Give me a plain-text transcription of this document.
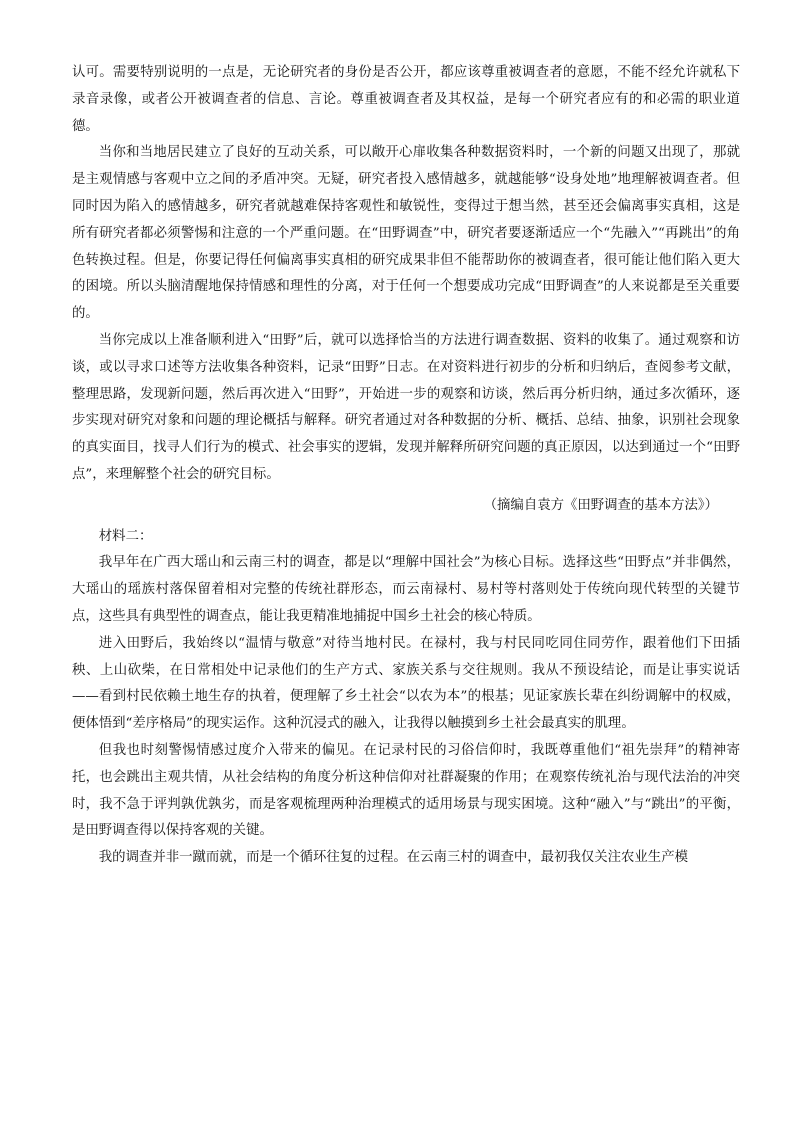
认可。需要特别说明的一点是，无论研究者的身份是否公开，都应该尊重被调查者的意愿，不能不经允许就私下录音录像，或者公开被调查者的信息、言论。尊重被调查者及其权益，是每一个研究者应有的和必需的职业道德。

当你和当地居民建立了良好的互动关系，可以敞开心扉收集各种数据资料时，一个新的问题又出现了，那就是主观情感与客观中立之间的矛盾冲突。无疑，研究者投入感情越多，就越能够“设身处地”地理解被调查者。但同时因为陷入的感情越多，研究者就越难保持客观性和敏锐性，变得过于想当然，甚至还会偏离事实真相，这是所有研究者都必须警惕和注意的一个严重问题。在“田野调查”中，研究者要逐渐适应一个“先融入”“再跳出”的角色转换过程。但是，你要记得任何偏离事实真相的研究成果非但不能帮助你的被调查者，很可能让他们陷入更大的困境。所以头脑清醒地保持情感和理性的分离，对于任何一个想要成功完成“田野调查”的人来说都是至关重要的。

当你完成以上准备顺利进入“田野”后，就可以选择恰当的方法进行调查数据、资料的收集了。通过观察和访谈，或以寻求口述等方法收集各种资料，记录“田野”日志。在对资料进行初步的分析和归纳后，查阅参考文献，整理思路，发现新问题，然后再次进入“田野”，开始进一步的观察和访谈，然后再分析归纳，通过多次循环，逐步实现对研究对象和问题的理论概括与解释。研究者通过对各种数据的分析、概括、总结、抽象，识别社会现象的真实面目，找寻人们行为的模式、社会事实的逻辑，发现并解释所研究问题的真正原因，以达到通过一个“田野点”，来理解整个社会的研究目标。

（摘编自袁方《田野调查的基本方法》）

材料二：

我早年在广西大瑶山和云南三村的调查，都是以“理解中国社会”为核心目标。选择这些“田野点”并非偶然，大瑶山的瑶族村落保留着相对完整的传统社群形态，而云南禄村、易村等村落则处于传统向现代转型的关键节点，这些具有典型性的调查点，能让我更精准地捕捉中国乡土社会的核心特质。

进入田野后，我始终以“温情与敬意”对待当地村民。在禄村，我与村民同吃同住同劳作，跟着他们下田插秧、上山砍柴，在日常相处中记录他们的生产方式、家族关系与交往规则。我从不预设结论，而是让事实说话——看到村民依赖土地生存的执着，便理解了乡土社会“以农为本”的根基；见证家族长辈在纠纷调解中的权威，便体悟到“差序格局”的现实运作。这种沉浸式的融入，让我得以触摸到乡土社会最真实的肌理。

但我也时刻警惕情感过度介入带来的偏见。在记录村民的习俗信仰时，我既尊重他们“祖先崇拜”的精神寄托，也会跳出主观共情，从社会结构的角度分析这种信仰对社群凝聚的作用；在观察传统礼治与现代法治的冲突时，我不急于评判孰优孰劣，而是客观梳理两种治理模式的适用场景与现实困境。这种“融入”与“跳出”的平衡，是田野调查得以保持客观的关键。

我的调查并非一蹴而就，而是一个循环往复的过程。在云南三村的调查中，最初我仅关注农业生产模
